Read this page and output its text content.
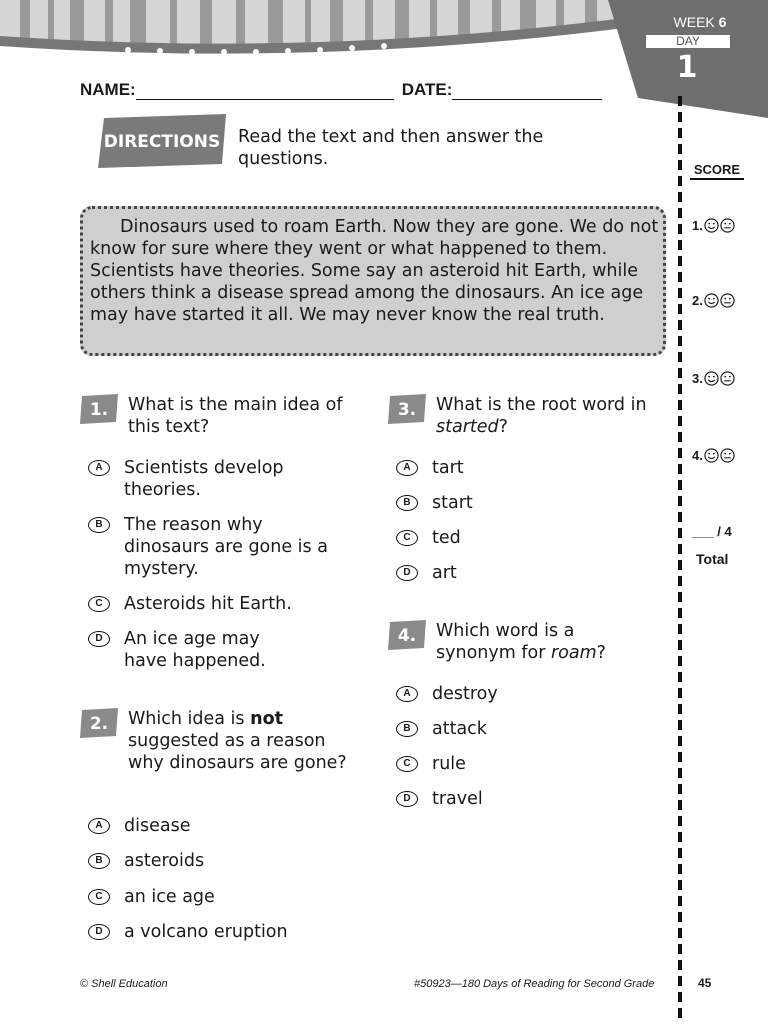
WEEK 6
DAY
1
SCORE
1.
2.
3.
4.
___ / 4
Total
NAME:	DATE:
DIRECTIONS Read the text and then answer the questions.
Dinosaurs used to roam Earth. Now they are gone. We do not know for sure where they went or what happened to them. Scientists have theories. Some say an asteroid hit Earth, while others think a disease spread among the dinosaurs. An ice age may have started it all. We may never know the real truth.
1. What is the main idea of this text?
A	Scientists develop theories.
B	The reason why dinosaurs are gone is a mystery.
C	Asteroids hit Earth.
D	An ice age may have happened.
2. Which idea is not suggested as a reason why dinosaurs are gone?
A	disease
B	asteroids
C	an ice age
D	a volcano eruption
3. What is the root word in started?
A	tart
B	start
C	ted
D	art
4. Which word is a synonym for roam?
A	destroy
B	attack
C	rule
D	travel
© Shell Education	#50923—180 Days of Reading for Second Grade	45
